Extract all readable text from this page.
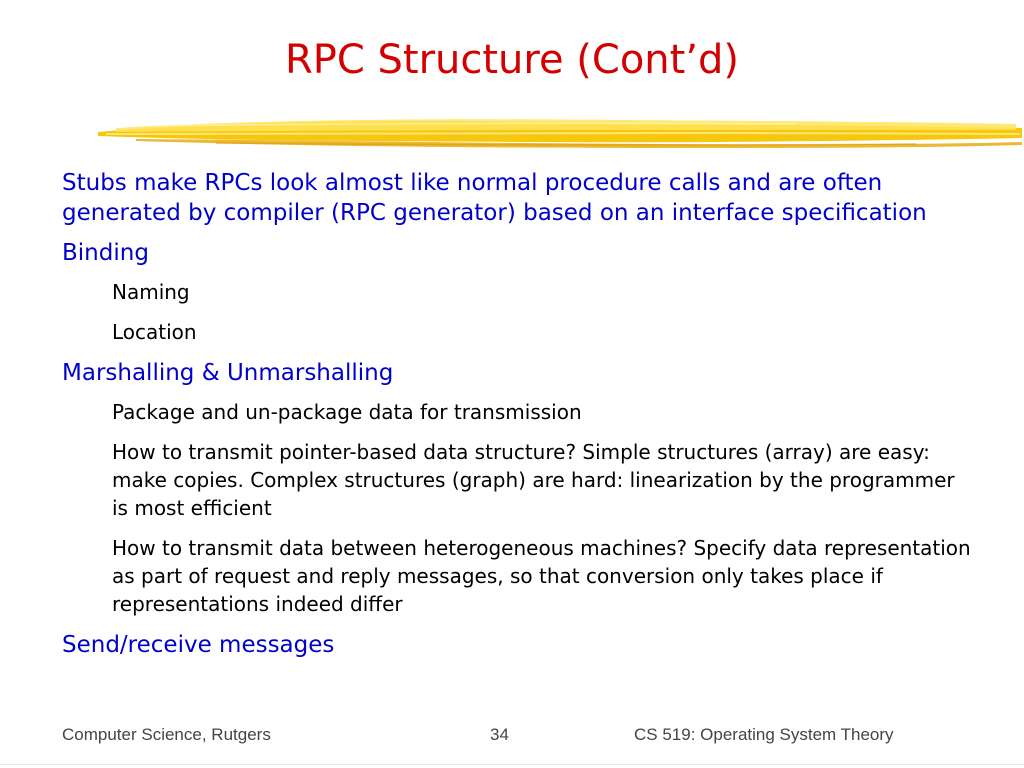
RPC Structure (Cont’d)
Stubs make RPCs look almost like normal procedure calls and are often generated by compiler (RPC generator) based on an interface specification
Binding
Naming
Location
Marshalling & Unmarshalling
Package and un-package data for transmission
How to transmit pointer-based data structure? Simple structures (array) are easy: make copies. Complex structures (graph) are hard: linearization by the programmer is most efficient
How to transmit data between heterogeneous machines? Specify data representation as part of request and reply messages, so that conversion only takes place if representations indeed differ
Send/receive messages
Computer Science, Rutgers	34	CS 519: Operating System Theory
